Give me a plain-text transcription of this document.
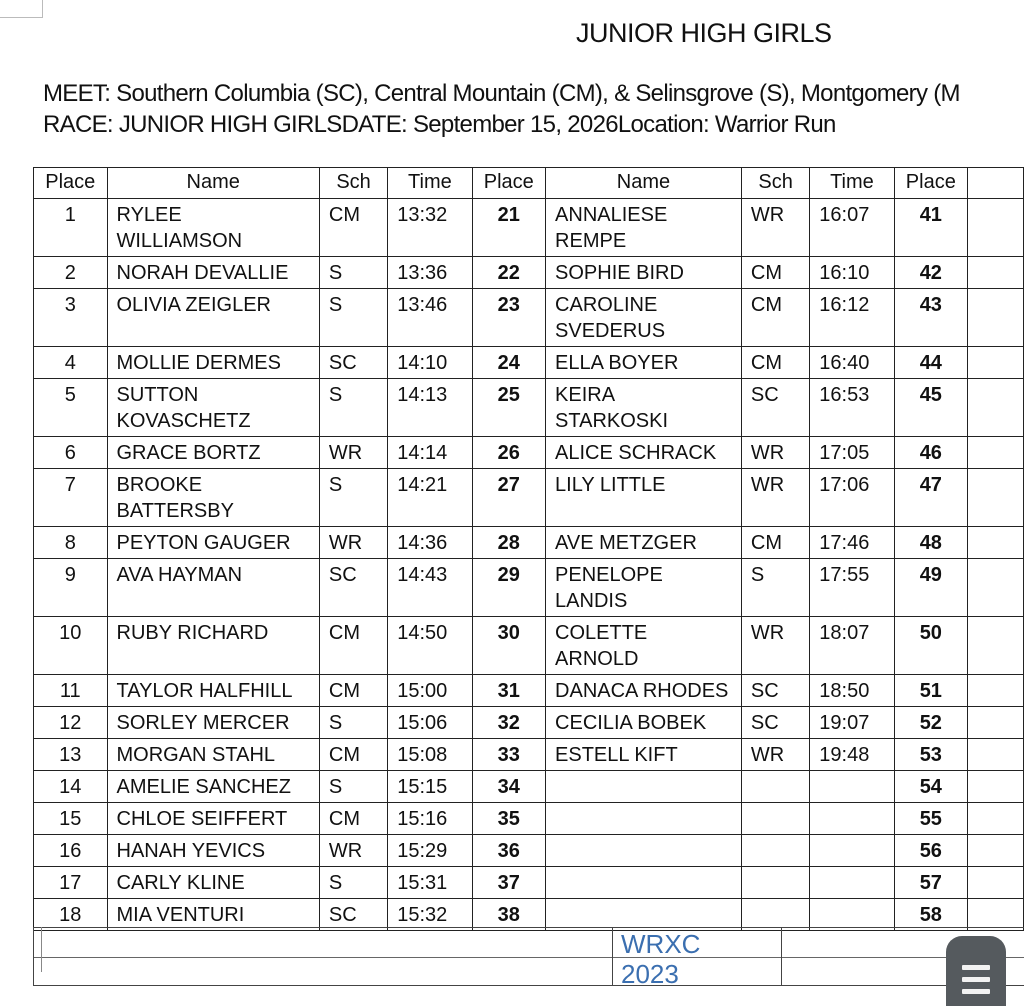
JUNIOR HIGH GIRLS
MEET: Southern Columbia (SC), Central Mountain (CM), & Selinsgrove (S), Montgomery (M
RACE: JUNIOR HIGH GIRLSDATE: September 15, 2026Location: Warrior Run
Place	Name	Sch	Time	Place	Name	Sch	Time	Place	
1	RYLEE WILLIAMSON	CM	13:32	21	ANNALIESE REMPE	WR	16:07	41	
2	NORAH DEVALLIE	S	13:36	22	SOPHIE BIRD	CM	16:10	42	
3	OLIVIA ZEIGLER	S	13:46	23	CAROLINE SVEDERUS	CM	16:12	43	
4	MOLLIE DERMES	SC	14:10	24	ELLA BOYER	CM	16:40	44	
5	SUTTON KOVASCHETZ	S	14:13	25	KEIRA STARKOSKI	SC	16:53	45	
6	GRACE BORTZ	WR	14:14	26	ALICE SCHRACK	WR	17:05	46	
7	BROOKE BATTERSBY	S	14:21	27	LILY LITTLE	WR	17:06	47	
8	PEYTON GAUGER	WR	14:36	28	AVE METZGER	CM	17:46	48	
9	AVA HAYMAN	SC	14:43	29	PENELOPE LANDIS	S	17:55	49	
10	RUBY RICHARD	CM	14:50	30	COLETTE ARNOLD	WR	18:07	50	
11	TAYLOR HALFHILL	CM	15:00	31	DANACA RHODES	SC	18:50	51	
12	SORLEY MERCER	S	15:06	32	CECILIA BOBEK	SC	19:07	52	
13	MORGAN STAHL	CM	15:08	33	ESTELL KIFT	WR	19:48	53	
14	AMELIE SANCHEZ	S	15:15	34				54	
15	CHLOE SEIFFERT	CM	15:16	35				55	
16	HANAH YEVICS	WR	15:29	36				56	
17	CARLY KLINE	S	15:31	37				57	
18	MIA VENTURI	SC	15:32	38				58	
WRXC
2023
